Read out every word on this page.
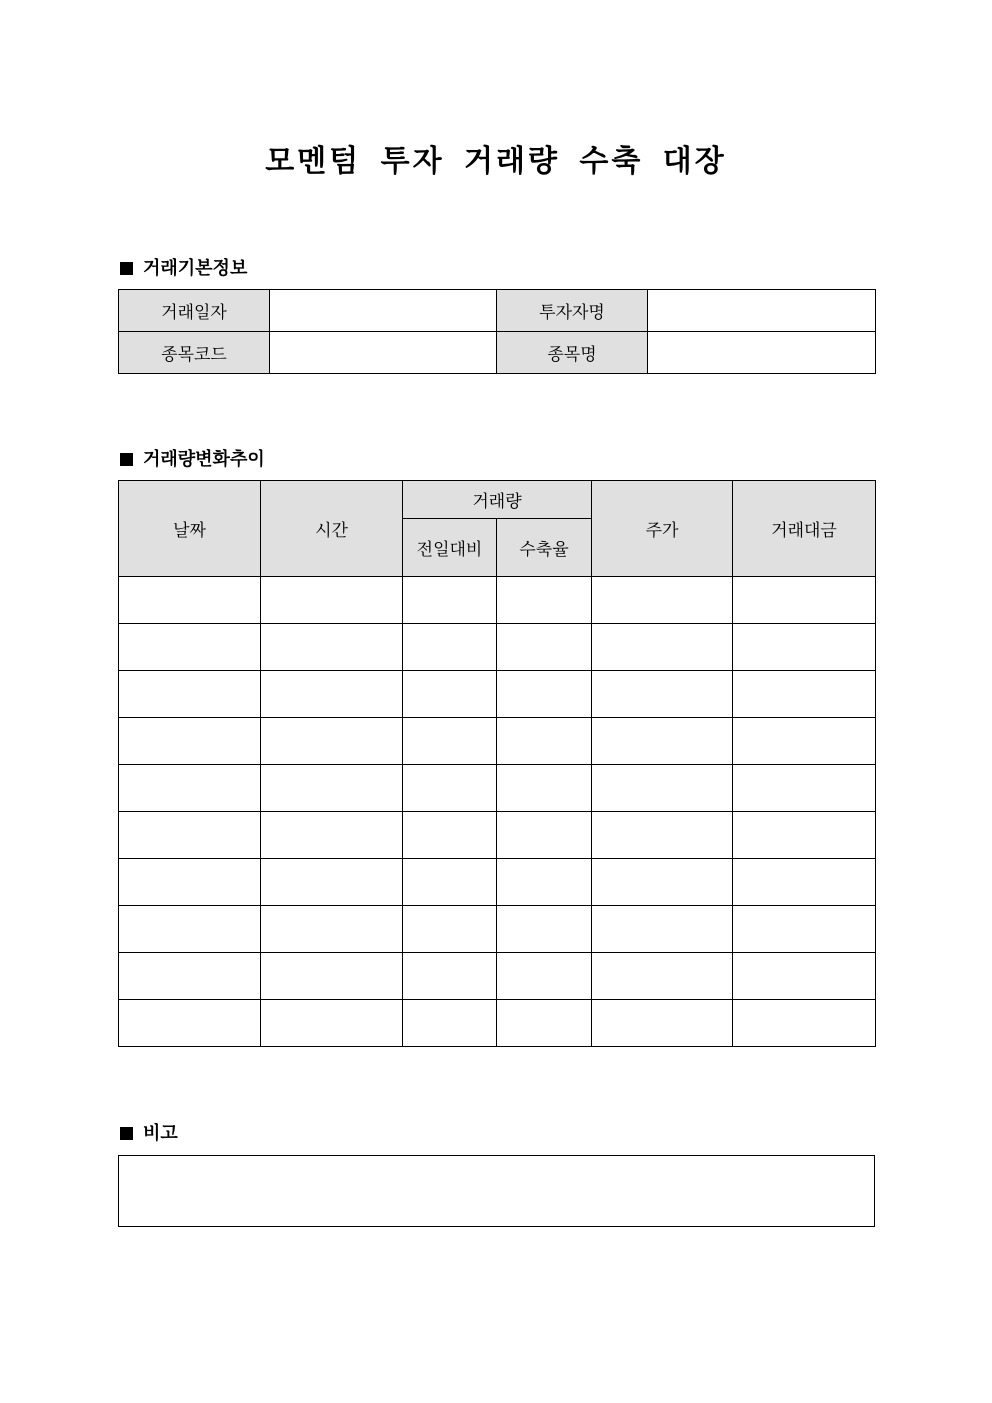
모멘텀 투자 거래량 수축 대장
거래기본정보
거래일자		투자자명	
종목코드		종목명	
거래량변화추이
날짜	시간	거래량		주가	거래대금
		전일대비	수축율		

비고
